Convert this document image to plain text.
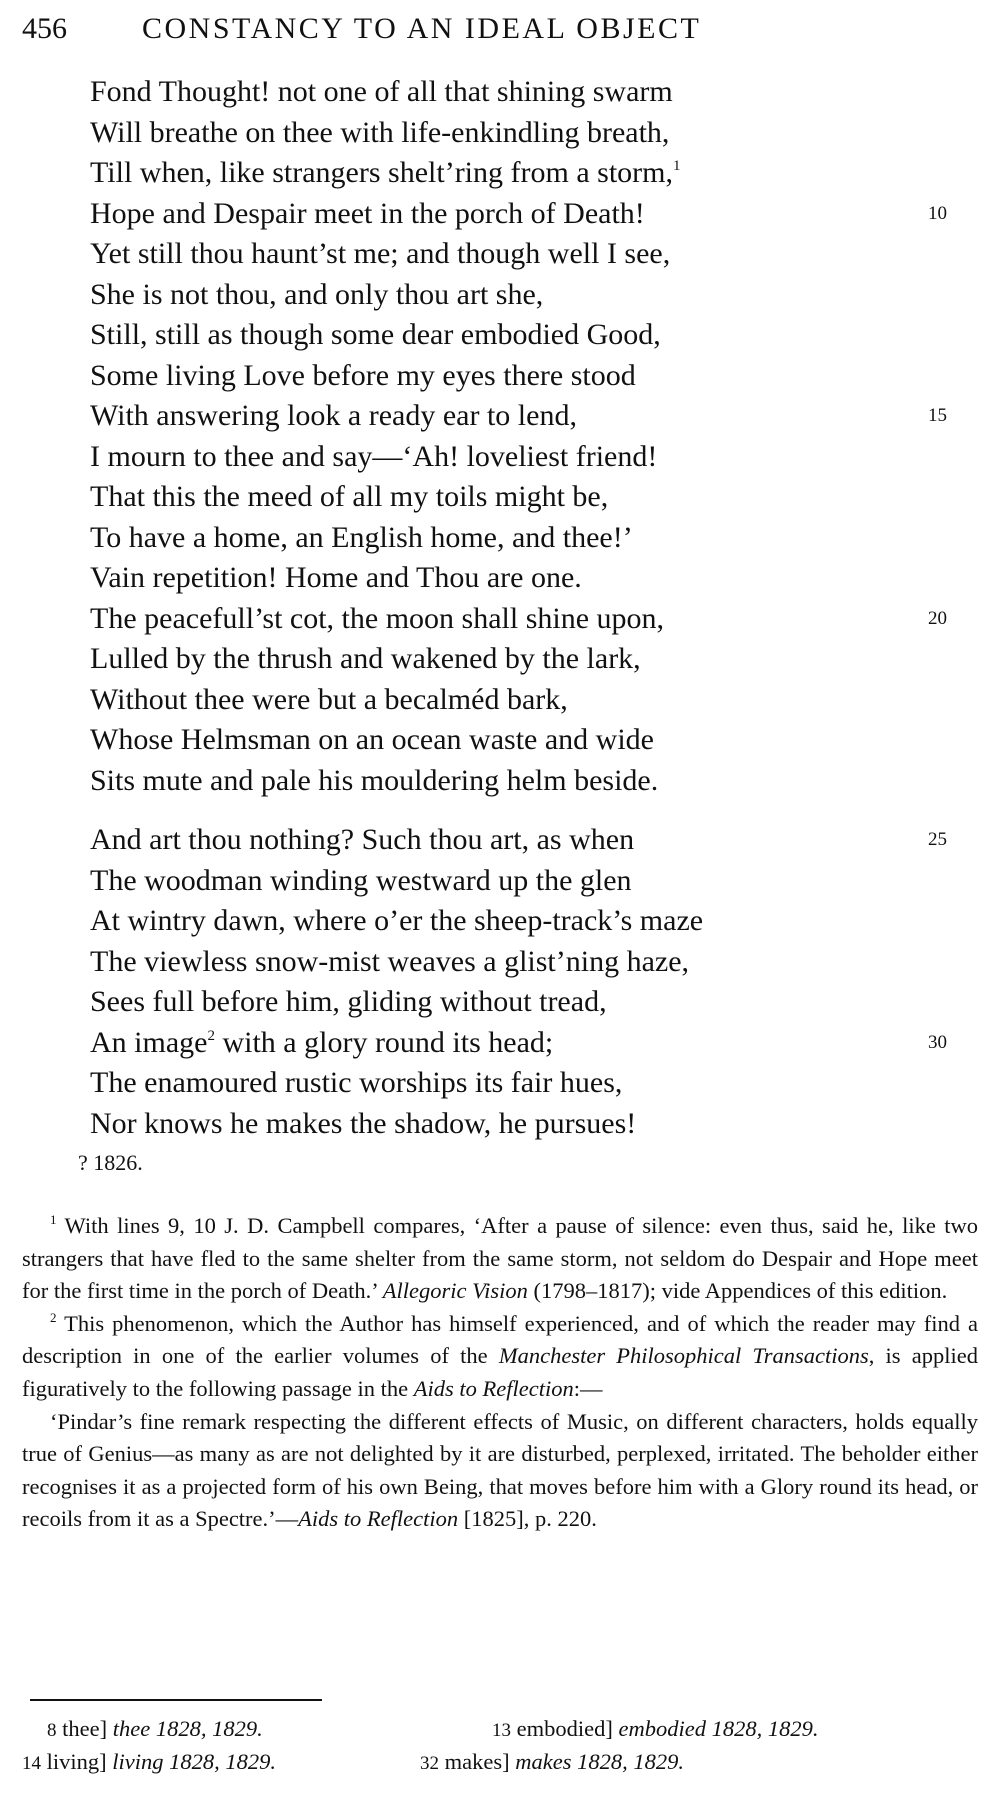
456	CONSTANCY TO AN IDEAL OBJECT
Fond Thought! not one of all that shining swarm
Will breathe on thee with life-enkindling breath,
Till when, like strangers shelt’ring from a storm,$^1$
Hope and Despair meet in the porch of Death!	10
Yet still thou haunt’st me; and though well I see,
She is not thou, and only thou art she,
Still, still as though some dear embodied Good,
Some living Love before my eyes there stood
With answering look a ready ear to lend,	15
I mourn to thee and say—‘Ah! loveliest friend!
That this the meed of all my toils might be,
To have a home, an English home, and thee!’
Vain repetition! Home and Thou are one.
The peacefull’st cot, the moon shall shine upon,	20
Lulled by the thrush and wakened by the lark,
Without thee were but a becalméd bark,
Whose Helmsman on an ocean waste and wide
Sits mute and pale his mouldering helm beside.
And art thou nothing? Such thou art, as when	25
The woodman winding westward up the glen
At wintry dawn, where o’er the sheep-track’s maze
The viewless snow-mist weaves a glist’ning haze,
Sees full before him, gliding without tread,
An image$^2$ with a glory round its head;	30
The enamoured rustic worships its fair hues,
Nor knows he makes the shadow, he pursues!
? 1826.

$^1$ With lines 9, 10 J. D. Campbell compares, ‘After a pause of silence: even thus, said he, like two strangers that have fled to the same shelter from the same storm, not seldom do Despair and Hope meet for the first time in the porch of Death.’ Allegoric Vision (1798–1817); vide Appendices of this edition.

$^2$ This phenomenon, which the Author has himself experienced, and of which the reader may find a description in one of the earlier volumes of the Manchester Philosophical Transactions, is applied figuratively to the following passage in the Aids to Reflection:—

‘Pindar’s fine remark respecting the different effects of Music, on different characters, holds equally true of Genius—as many as are not delighted by it are disturbed, perplexed, irritated. The beholder either recognises it as a projected form of his own Being, that moves before him with a Glory round its head, or recoils from it as a Spectre.’—Aids to Reflection [1825], p. 220.

8 thee] thee 1828, 1829.	13 embodied] embodied 1828, 1829.
14 living] living 1828, 1829.	32 makes] makes 1828, 1829.
